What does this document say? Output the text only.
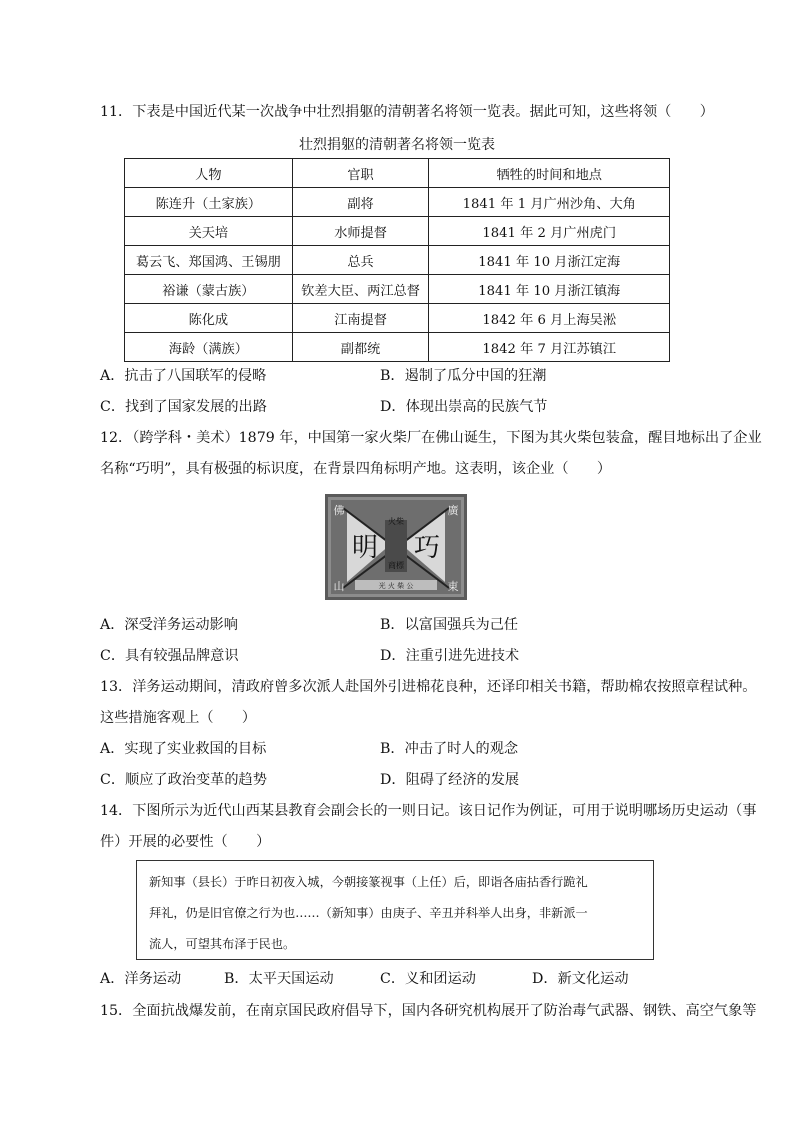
11．下表是中国近代某一次战争中壮烈捐躯的清朝著名将领一览表。据此可知，这些将领（　　）
壮烈捐躯的清朝著名将领一览表
人物	官职	牺牲的时间和地点
陈连升（土家族）	副将	1841 年 1 月广州沙角、大角
关天培	水师提督	1841 年 2 月广州虎门
葛云飞、郑国鸿、王锡朋	总兵	1841 年 10 月浙江定海
裕谦（蒙古族）	钦差大臣、两江总督	1841 年 10 月浙江镇海
陈化成	江南提督	1842 年 6 月上海吴淞
海龄（满族）	副都统	1842 年 7 月江苏镇江
A．抗击了八国联军的侵略	B．遏制了瓜分中国的狂潮
C．找到了国家发展的出路	D．体现出崇高的民族气节
12．（跨学科・美术）1879 年，中国第一家火柴厂在佛山诞生，下图为其火柴包装盒，醒目地标出了企业
名称“巧明”，具有极强的标识度，在背景四角标明产地。这表明，该企业（　　）
明 巧
火柴
商標
佛
山
廣
東
光 火 柴 公
A．深受洋务运动影响	B．以富国强兵为己任
C．具有较强品牌意识	D．注重引进先进技术
13．洋务运动期间，清政府曾多次派人赴国外引进棉花良种，还译印相关书籍，帮助棉农按照章程试种。
这些措施客观上（　　）
A．实现了实业救国的目标	B．冲击了时人的观念
C．顺应了政治变革的趋势	D．阻碍了经济的发展
14．下图所示为近代山西某县教育会副会长的一则日记。该日记作为例证，可用于说明哪场历史运动（事
件）开展的必要性（　　）

新知事（县长）于昨日初夜入城，今朝接篆视事（上任）后，即诣各庙拈香行跪礼

拜礼，仍是旧官僚之行为也……（新知事）由庚子、辛丑并科举人出身，非新派一

流人，可望其布泽于民也。

A．洋务运动	B．太平天国运动	C．义和团运动	D．新文化运动
15．全面抗战爆发前，在南京国民政府倡导下，国内各研究机构展开了防治毒气武器、钢铁、高空气象等
